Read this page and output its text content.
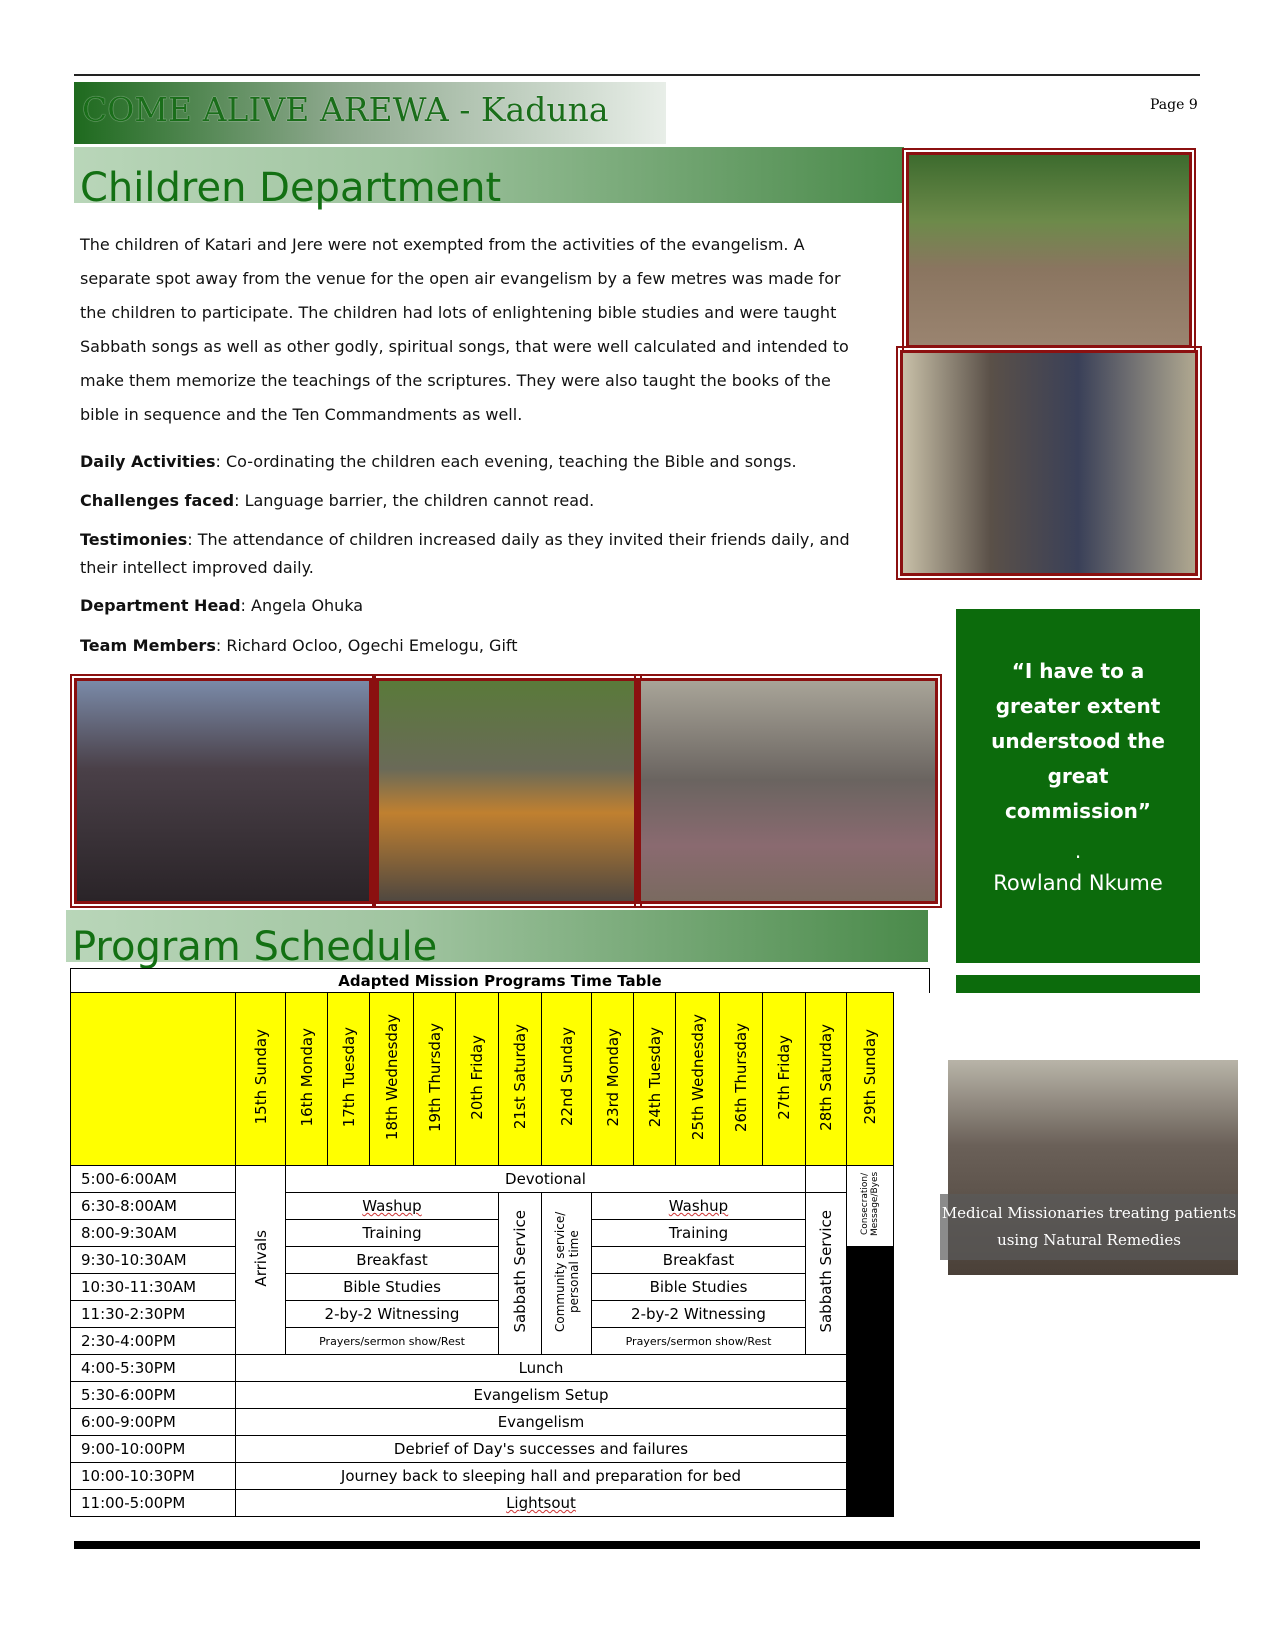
COME ALIVE AREWA - Kaduna	Page 9
Children Department
The children of Katari and Jere were not exempted from the activities of the evangelism. A separate spot away from the venue for the open air evangelism by a few metres was made for the children to participate. The children had lots of enlightening bible studies and were taught Sabbath songs as well as other godly, spiritual songs, that were well calculated and intended to make them memorize the teachings of the scriptures. They were also taught the books of the bible in sequence and the Ten Commandments as well.
Daily Activities: Co-ordinating the children each evening, teaching the Bible and songs.
Challenges faced: Language barrier, the children cannot read.
Testimonies: The attendance of children increased daily as they invited their friends daily, and their intellect improved daily.
Department Head: Angela Ohuka
Team Members: Richard Ocloo, Ogechi Emelogu, Gift
“I have to a greater extent understood the great commission”
.
Rowland Nkume
Medical Missionaries treating patients using Natural Remedies
Program Schedule
Adapted Mission Programs Time Table
	15th Sunday	16th Monday	17th Tuesday	18th Wednesday	19th Thursday	20th Friday	21st Saturday	22nd Sunday	23rd Monday	24th Tuesday	25th Wednesday	26th Thursday	27th Friday	28th Saturday	29th Sunday
5:00-6:00AM	Arrivals	Devotional													Consecration/ Message/Byes
6:30-8:00AM		Washup					Sabbath Service	Community service/ personal time	Washup					Sabbath Service	
8:00-9:30AM		Training							Training						
9:30-10:30AM		Breakfast							Breakfast						
10:30-11:30AM		Bible Studies							Bible Studies						
11:30-2:30PM		2-by-2 Witnessing							2-by-2 Witnessing						
2:30-4:00PM		Prayers/sermon show/Rest							Prayers/sermon show/Rest						
4:00-5:30PM	Lunch														
5:30-6:00PM	Evangelism Setup														
6:00-9:00PM	Evangelism														
9:00-10:00PM	Debrief of Day's successes and failures														
10:00-10:30PM	Journey back to sleeping hall and preparation for bed														
11:00-5:00PM	Lightsout														
